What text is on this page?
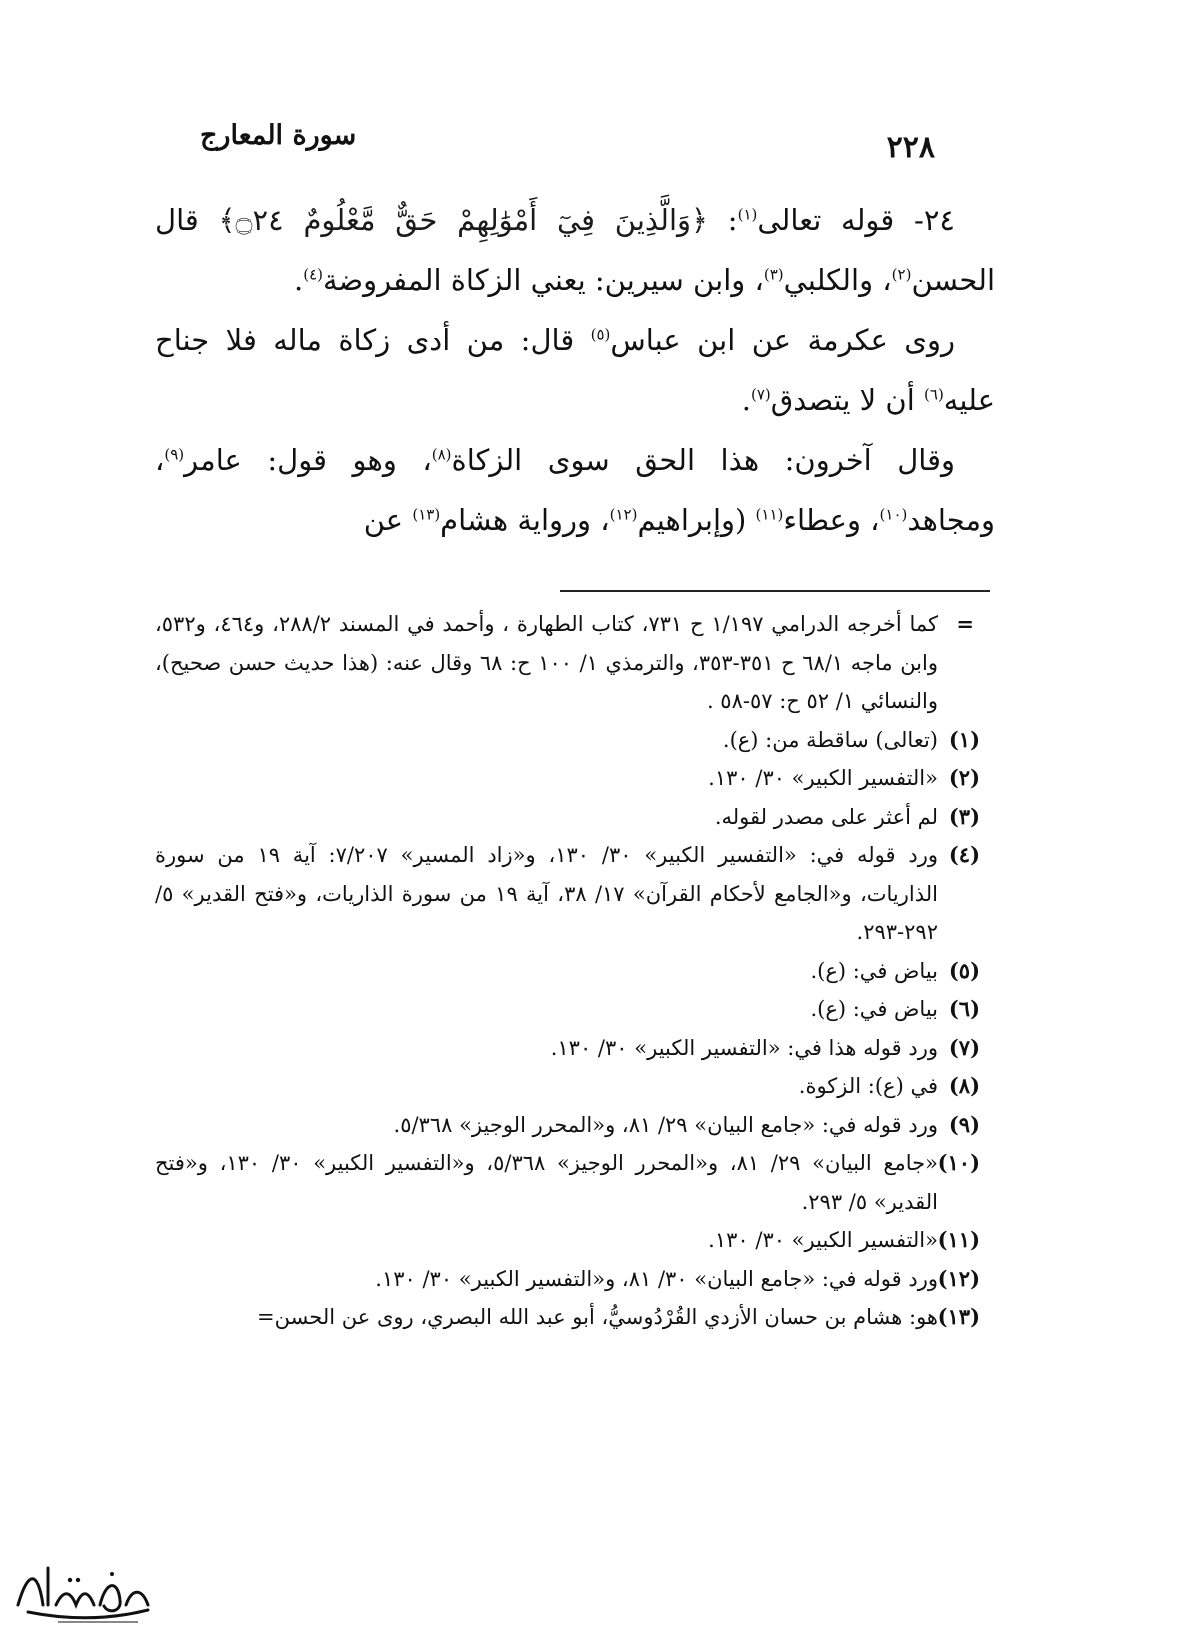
٢٢٨
سورة المعارج

٢٤- قوله تعالى$^{(١)}$: ﴿وَالَّذِينَ فِيٓ أَمْوَٰلِهِمْ حَقٌّ مَّعْلُومٌ ۝٢٤﴾ قال الحسن$^{(٢)}$، والكلبي$^{(٣)}$، وابن سيرين: يعني الزكاة المفروضة$^{(٤)}$.

روى عكرمة عن ابن عباس$^{(٥)}$ قال: من أدى زكاة ماله فلا جناح عليه$^{(٦)}$ أن لا يتصدق$^{(٧)}$.

وقال آخرون: هذا الحق سوى الزكاة$^{(٨)}$، وهو قول: عامر$^{(٩)}$، ومجاهد$^{(١٠)}$، وعطاء$^{(١١)}$ (وإبراهيم$^{(١٢)}$، ورواية هشام$^{(١٣)}$ عن

=
كما أخرجه الدرامي ١/١٩٧ ح ٧٣١، كتاب الطهارة ، وأحمد في المسند ٢٨٨/٢، و٤٦٤، و٥٣٢، وابن ماجه ٦٨/١ ح ٣٥١-٣٥٣، والترمذي ١/ ١٠٠ ح: ٦٨ وقال عنه: (هذا حديث حسن صحيح)، والنسائي ١/ ٥٢ ح: ٥٧-٥٨ .
(١)
(تعالى) ساقطة من: (ع).
(٢)
«التفسير الكبير» ٣٠/ ١٣٠.
(٣)
لم أعثر على مصدر لقوله.
(٤)
ورد قوله في: «التفسير الكبير» ٣٠/ ١٣٠، و«زاد المسير» ٧/٢٠٧: آية ١٩ من سورة الذاريات، و«الجامع لأحكام القرآن» ١٧/ ٣٨، آية ١٩ من سورة الذاريات، و«فتح القدير» ٥/ ٢٩٢-٢٩٣.
(٥)
بياض في: (ع).
(٦)
بياض في: (ع).
(٧)
ورد قوله هذا في: «التفسير الكبير» ٣٠/ ١٣٠.
(٨)
في (ع): الزكوة.
(٩)
ورد قوله في: «جامع البيان» ٢٩/ ٨١، و«المحرر الوجيز» ٥/٣٦٨.
(١٠)
«جامع البيان» ٢٩/ ٨١، و«المحرر الوجيز» ٥/٣٦٨، و«التفسير الكبير» ٣٠/ ١٣٠، و«فتح القدير» ٥/ ٢٩٣.
(١١)
«التفسير الكبير» ٣٠/ ١٣٠.
(١٢)
ورد قوله في: «جامع البيان» ٣٠/ ٨١، و«التفسير الكبير» ٣٠/ ١٣٠.
(١٣)
هو: هشام بن حسان الأزدي القُرْدُوسيُّ، أبو عبد الله البصري، روى عن الحسن=
